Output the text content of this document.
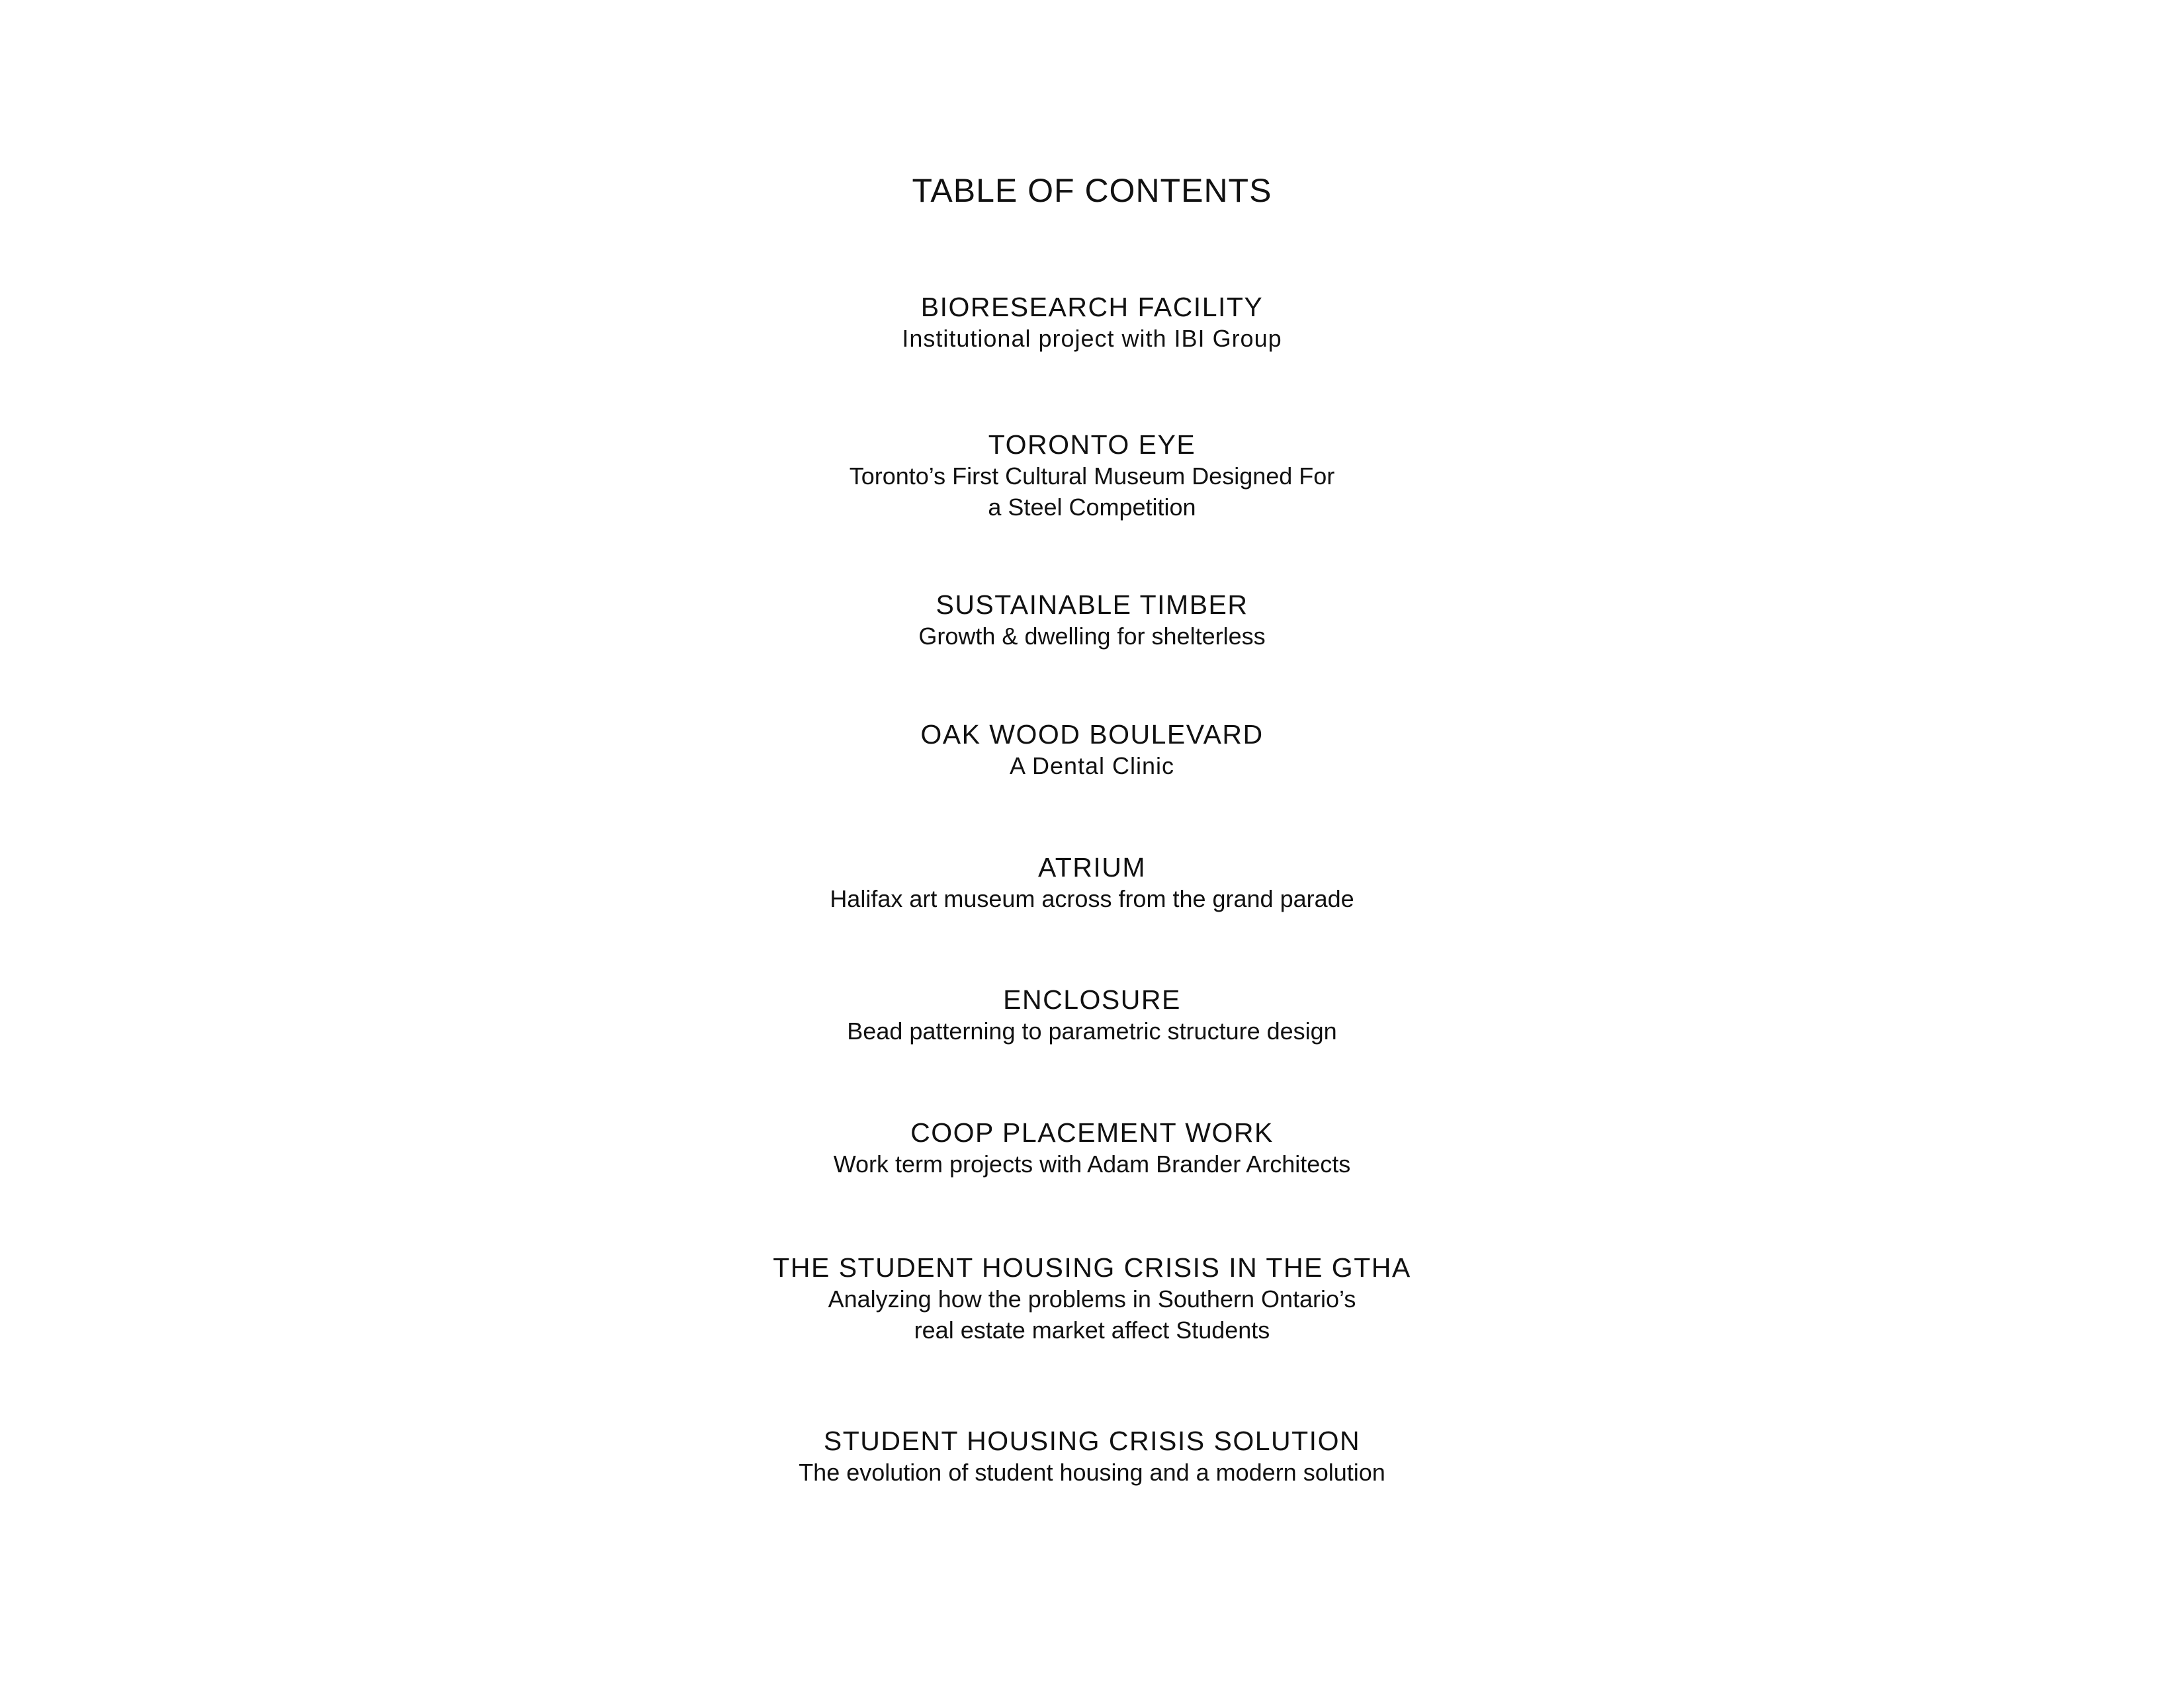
TABLE OF CONTENTS
BIORESEARCH FACILITY
Institutional project with IBI Group
TORONTO EYE
Toronto’s First Cultural Museum Designed For
a Steel Competition
SUSTAINABLE TIMBER
Growth & dwelling for shelterless
OAK WOOD BOULEVARD
A Dental Clinic
ATRIUM
Halifax art museum across from the grand parade
ENCLOSURE
Bead patterning to parametric structure design
COOP PLACEMENT WORK
Work term projects with Adam Brander Architects
THE STUDENT HOUSING CRISIS IN THE GTHA
Analyzing how the problems in Southern Ontario’s
real estate market affect Students
STUDENT HOUSING CRISIS SOLUTION
The evolution of student housing and a modern solution
